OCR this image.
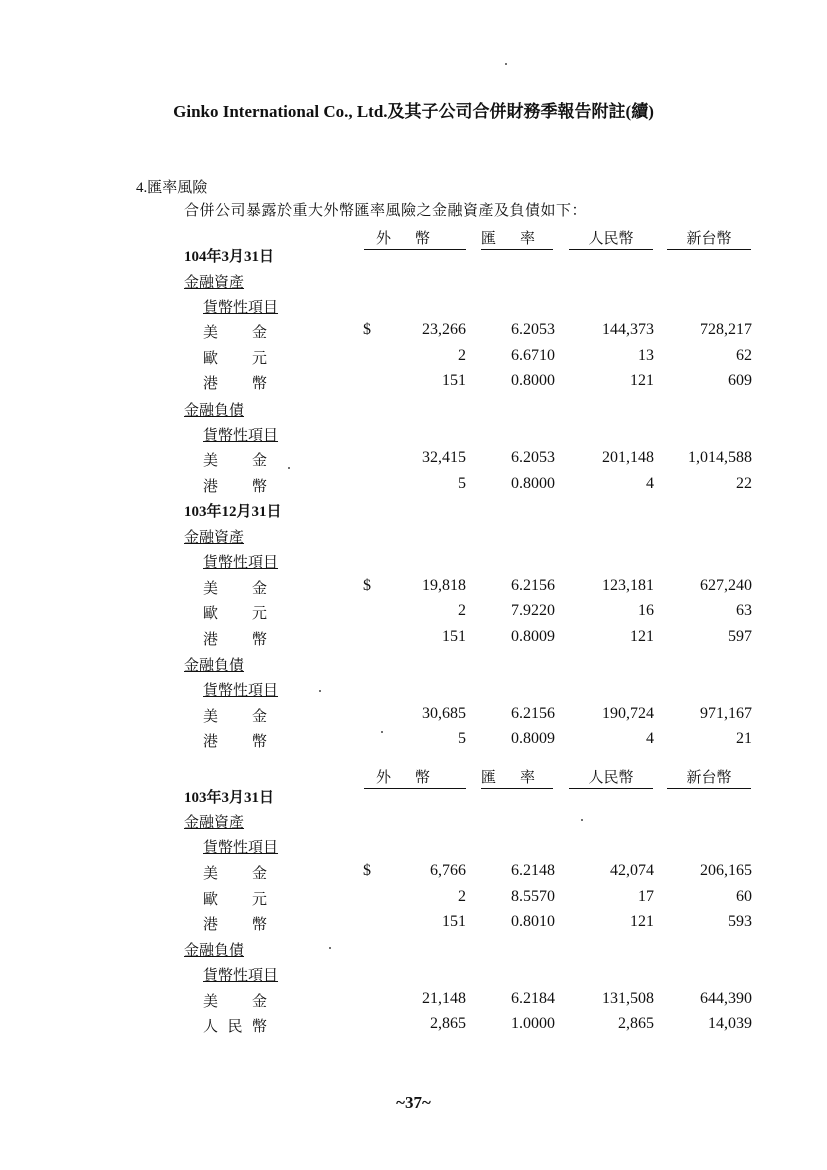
Ginko International Co., Ltd.及其子公司合併財務季報告附註(續)
4.匯率風險
合併公司暴露於重大外幣匯率風險之金融資產及負債如下：
外幣	匯率	人民幣	新台幣
104年3月31日
金融資產
貨幣性項目
美 金	$	23,266	6.2053	144,373	728,217
歐 元	2	6.6710	13	62
港 幣	151	0.8000	121	609
金融負債
貨幣性項目
美 金	32,415	6.2053	201,148 1,014,588
港 幣	5	0.8000	4	22
103年12月31日
金融資產
貨幣性項目
美 金	$	19,818	6.2156	123,181	627,240
歐 元	2	7.9220	16	63
港 幣	151	0.8009	121	597
金融負債
貨幣性項目
美 金	30,685	6.2156	190,724	971,167
港 幣	5	0.8009	4	21
外幣	匯率	人民幣	新台幣
103年3月31日
金融資產
貨幣性項目
美 金	$	6,766	6.2148	42,074	206,165
歐 元	2	8.5570	17	60
港 幣	151	0.8010	121	593
金融負債
貨幣性項目
美 金	21,148	6.2184	131,508	644,390
人 民 幣	2,865	1.0000	2,865	14,039
~37~
